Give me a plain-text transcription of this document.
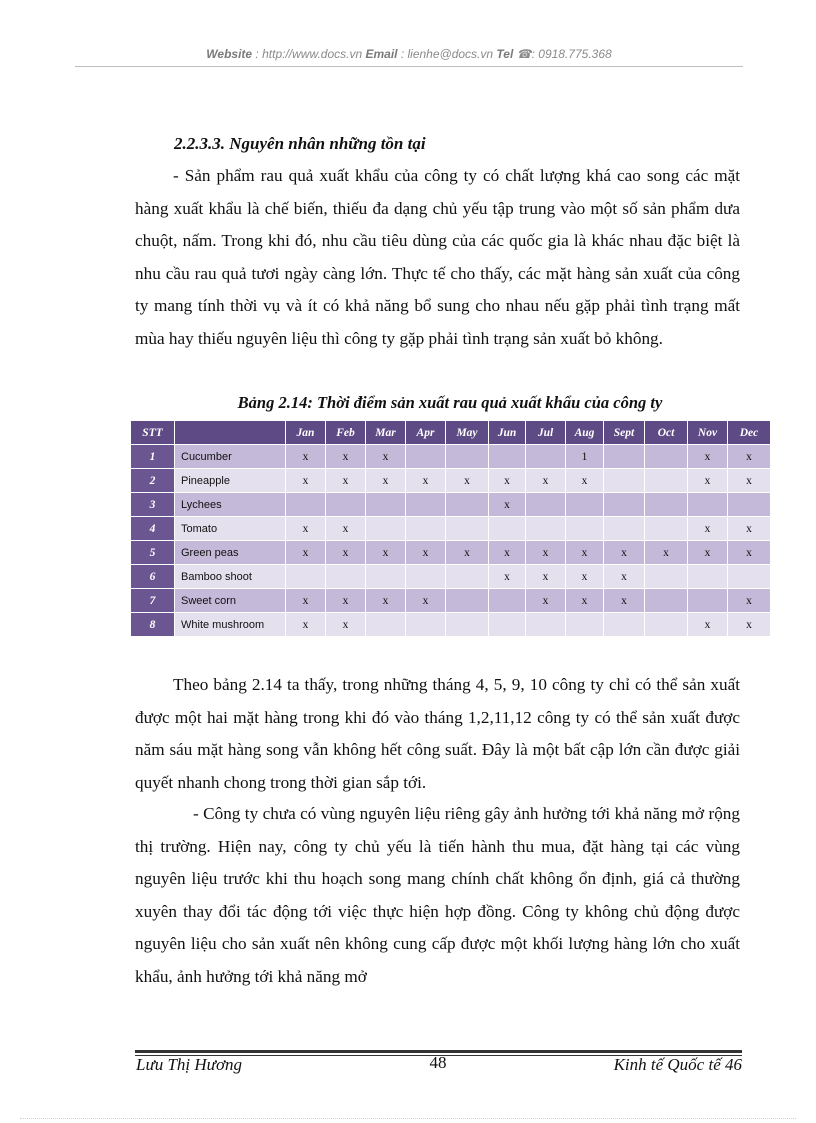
Website : http://www.docs.vn Email : lienhe@docs.vn Tel ☎: 0918.775.368
2.2.3.3. Nguyên nhân những tồn tại

- Sản phẩm rau quả xuất khẩu của công ty có chất lượng khá cao song các mặt hàng xuất khẩu là chế biến, thiếu đa dạng chủ yếu tập trung vào một số sản phẩm dưa chuột, nấm. Trong khi đó, nhu cầu tiêu dùng của các quốc gia là khác nhau đặc biệt là nhu cầu rau quả tươi ngày càng lớn. Thực tế cho thấy, các mặt hàng sản xuất của công ty mang tính thời vụ và ít có khả năng bổ sung cho nhau nếu gặp phải tình trạng mất mùa hay thiếu nguyên liệu thì công ty gặp phải tình trạng sản xuất bỏ không.

Bảng 2.14: Thời điểm sản xuất rau quả xuất khẩu của công ty
STT		Jan	Feb	Mar	Apr	May	Jun	Jul	Aug	Sept	Oct	Nov	Dec
1	Cucumber	x	x	x					1			x	x
2	Pineapple	x	x	x	x	x	x	x	x			x	x
3	Lychees						x						
4	Tomato	x	x									x	x
5	Green peas	x	x	x	x	x	x	x	x	x	x	x	x
6	Bamboo shoot						x	x	x	x			
7	Sweet corn	x	x	x	x			x	x	x			x
8	White mushroom	x	x									x	x

Theo bảng 2.14 ta thấy, trong những tháng 4, 5, 9, 10 công ty chỉ có thể sản xuất được một hai mặt hàng trong khi đó vào tháng 1,2,11,12 công ty có thể sản xuất được năm sáu mặt hàng song vẫn không hết công suất. Đây là một bất cập lớn cần được giải quyết nhanh chong trong thời gian sắp tới.

- Công ty chưa có vùng nguyên liệu riêng gây ảnh hưởng tới khả năng mở rộng thị trường. Hiện nay, công ty chủ yếu là tiến hành thu mua, đặt hàng tại các vùng nguyên liệu trước khi thu hoạch song mang chính chất không ổn định, giá cả thường xuyên thay đổi tác động tới việc thực hiện hợp đồng. Công ty không chủ động được nguyên liệu cho sản xuất nên không cung cấp được một khối lượng hàng lớn cho xuất khẩu, ảnh hưởng tới khả năng mở

Lưu Thị Hương	48	Kinh tế Quốc tế 46
